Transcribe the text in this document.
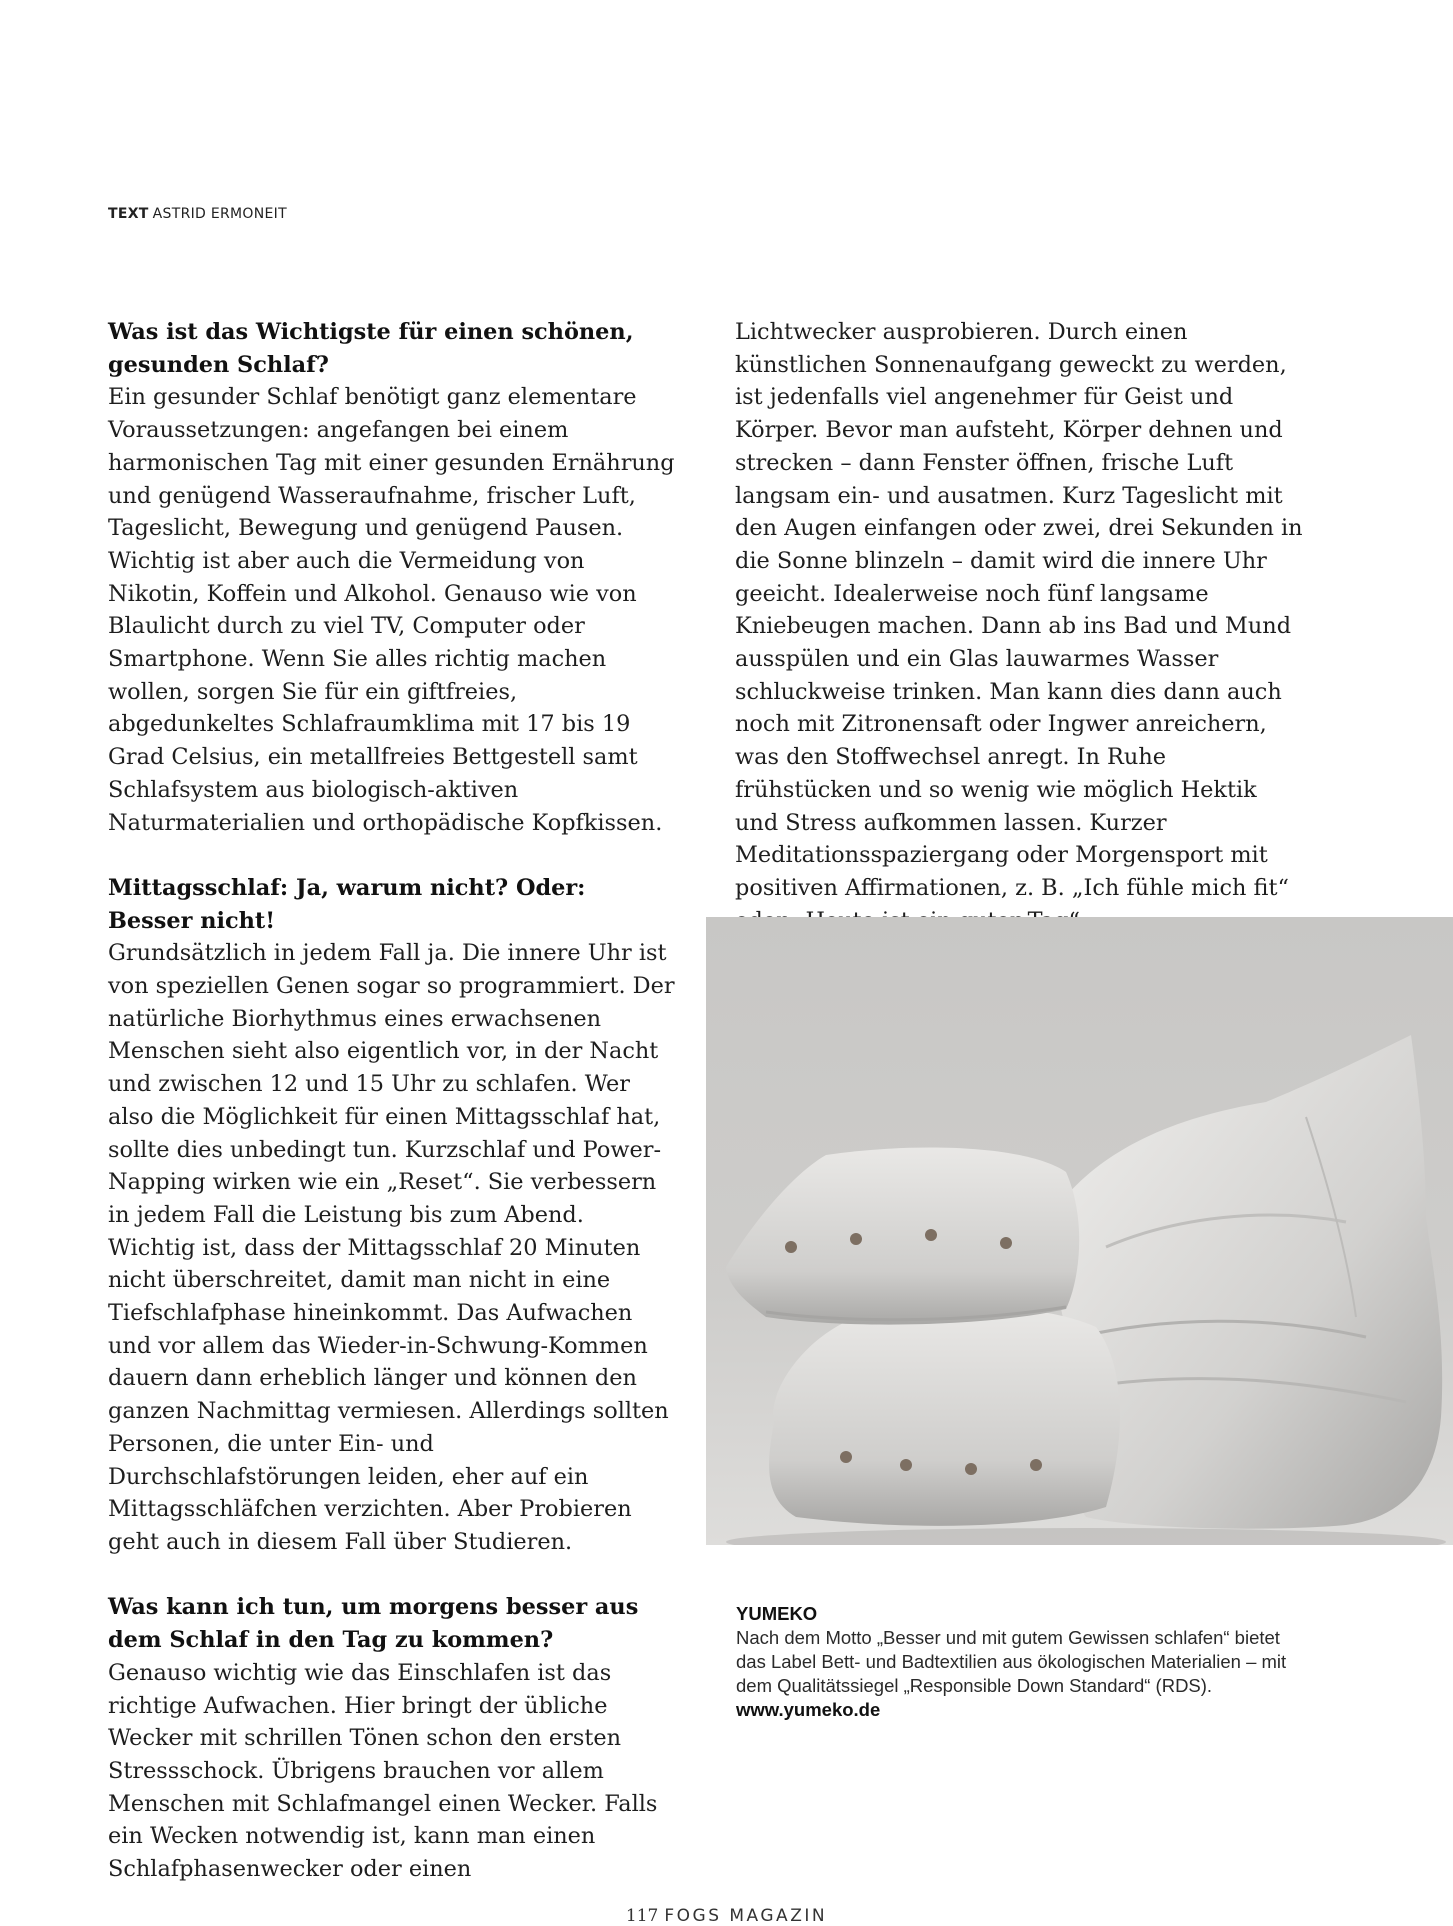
TEXT ASTRID ERMONEIT
Was ist das Wichtigste für einen schönen, gesunden Schlaf?

Ein gesunder Schlaf benötigt ganz elementare Voraussetzungen: angefangen bei einem harmonischen Tag mit einer gesunden Ernährung und genügend Wasseraufnahme, frischer Luft, Tageslicht, Bewegung und genügend Pausen.

Wichtig ist aber auch die Vermeidung von Nikotin, Koffein und Alkohol. Genauso wie von Blaulicht durch zu viel TV, Computer oder Smartphone. Wenn Sie alles richtig machen wollen, sorgen Sie für ein giftfreies, abgedunkeltes Schlafraumklima mit 17 bis 19 Grad Celsius, ein metallfreies Bettgestell samt Schlafsystem aus biologisch-aktiven Naturmaterialien und orthopädische Kopfkissen.

Mittagsschlaf: Ja, warum nicht? Oder: Besser nicht!

Grundsätzlich in jedem Fall ja. Die innere Uhr ist von speziellen Genen sogar so programmiert. Der natürliche Biorhythmus eines erwachsenen Menschen sieht also eigentlich vor, in der Nacht und zwischen 12 und 15 Uhr zu schlafen. Wer also die Möglichkeit für einen Mittagsschlaf hat, sollte dies unbedingt tun. Kurzschlaf und Power-Napping wirken wie ein „Reset“. Sie verbessern in jedem Fall die Leistung bis zum Abend. Wichtig ist, dass der Mittagsschlaf 20 Minuten nicht überschreitet, damit man nicht in eine Tiefschlafphase hineinkommt. Das Aufwachen und vor allem das Wieder-in-Schwung-Kommen dauern dann erheblich länger und können den ganzen Nachmittag vermiesen. Allerdings sollten Personen, die unter Ein- und Durchschlafstörungen leiden, eher auf ein Mittagsschläfchen verzichten. Aber Probieren geht auch in diesem Fall über Studieren.

Was kann ich tun, um morgens besser aus dem Schlaf in den Tag zu kommen?

Genauso wichtig wie das Einschlafen ist das richtige Aufwachen. Hier bringt der übliche Wecker mit schrillen Tönen schon den ersten Stressschock. Übrigens brauchen vor allem Menschen mit Schlafmangel einen Wecker. Falls ein Wecken notwendig ist, kann man einen Schlafphasenwecker oder einen

Lichtwecker ausprobieren. Durch einen künstlichen Sonnenaufgang geweckt zu werden, ist jedenfalls viel angenehmer für Geist und Körper. Bevor man aufsteht, Körper dehnen und strecken – dann Fenster öffnen, frische Luft langsam ein- und ausatmen. Kurz Tageslicht mit den Augen einfangen oder zwei, drei Sekunden in die Sonne blinzeln – damit wird die innere Uhr geeicht. Idealerweise noch fünf langsame Kniebeugen machen. Dann ab ins Bad und Mund ausspülen und ein Glas lauwarmes Wasser schluckweise trinken. Man kann dies dann auch noch mit Zitronensaft oder Ingwer anreichern, was den Stoffwechsel anregt. In Ruhe frühstücken und so wenig wie möglich Hektik und Stress aufkommen lassen. Kurzer Meditationsspaziergang oder Morgensport mit positiven Affirmationen, z. B. „Ich fühle mich fit“

YUMEKO

Nach dem Motto „Besser und mit gutem Gewissen schlafen“ bietet das Label Bett- und Badtextilien aus ökologischen Materialien – mit dem Qualitätssiegel „Responsible Down Standard“ (RDS). www.yumeko.de

117 FOGS MAGAZIN
